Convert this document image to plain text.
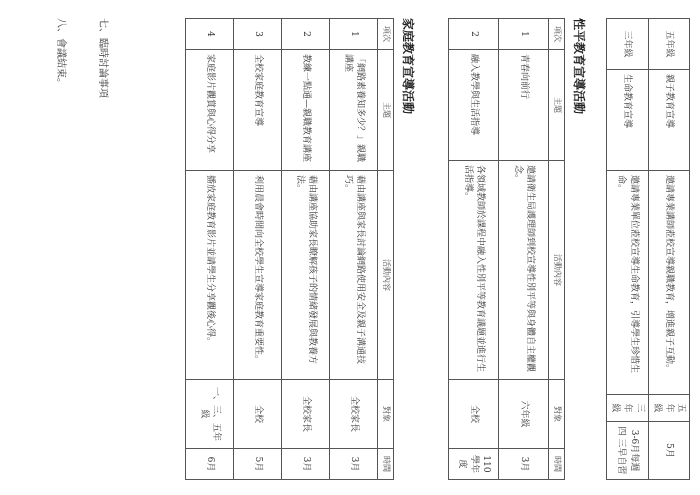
五年級	親子教育宣導	邀請專業講師蒞校宣導親職教育，增進親子互動。	五年級	5月
三年級	生命教育宣導	邀請專業單位蒞校宣導生命教育，引導學生珍惜生命。	三年級	3-6月每週四 三早自習
性平教育宣導活動
項次	主題	活動內容	對象	時間
1	青春向前行	邀請衛生局護理師到校宣導性別平等與身體自主權觀念。	六年級	3月
2	融入教學與生活指導	各領域教師於課程中融入性別平等教育議題並進行生活指導。	全校	110學年度
家庭教育宣導活動
項次	主題	活動內容	對象	時間
1	「網路素養知多少？」親職講座	藉由講座與家長討論網路使用安全及親子溝通技巧。	全校家長	3月
2	教練一點通—親職教育講座	藉由講座協助家長瞭解孩子的情緒發展與教養方法。	全校家長	3月
3	全校家庭教育宣導	利用晨會時間向全校學生宣導家庭教育重要性。	全校	5月
4	家庭影片觀賞與心得分享	播放家庭教育影片並請學生分享觀後心得。	一、三、五年級	6月
七、臨時討論事項
八、會議結束。
